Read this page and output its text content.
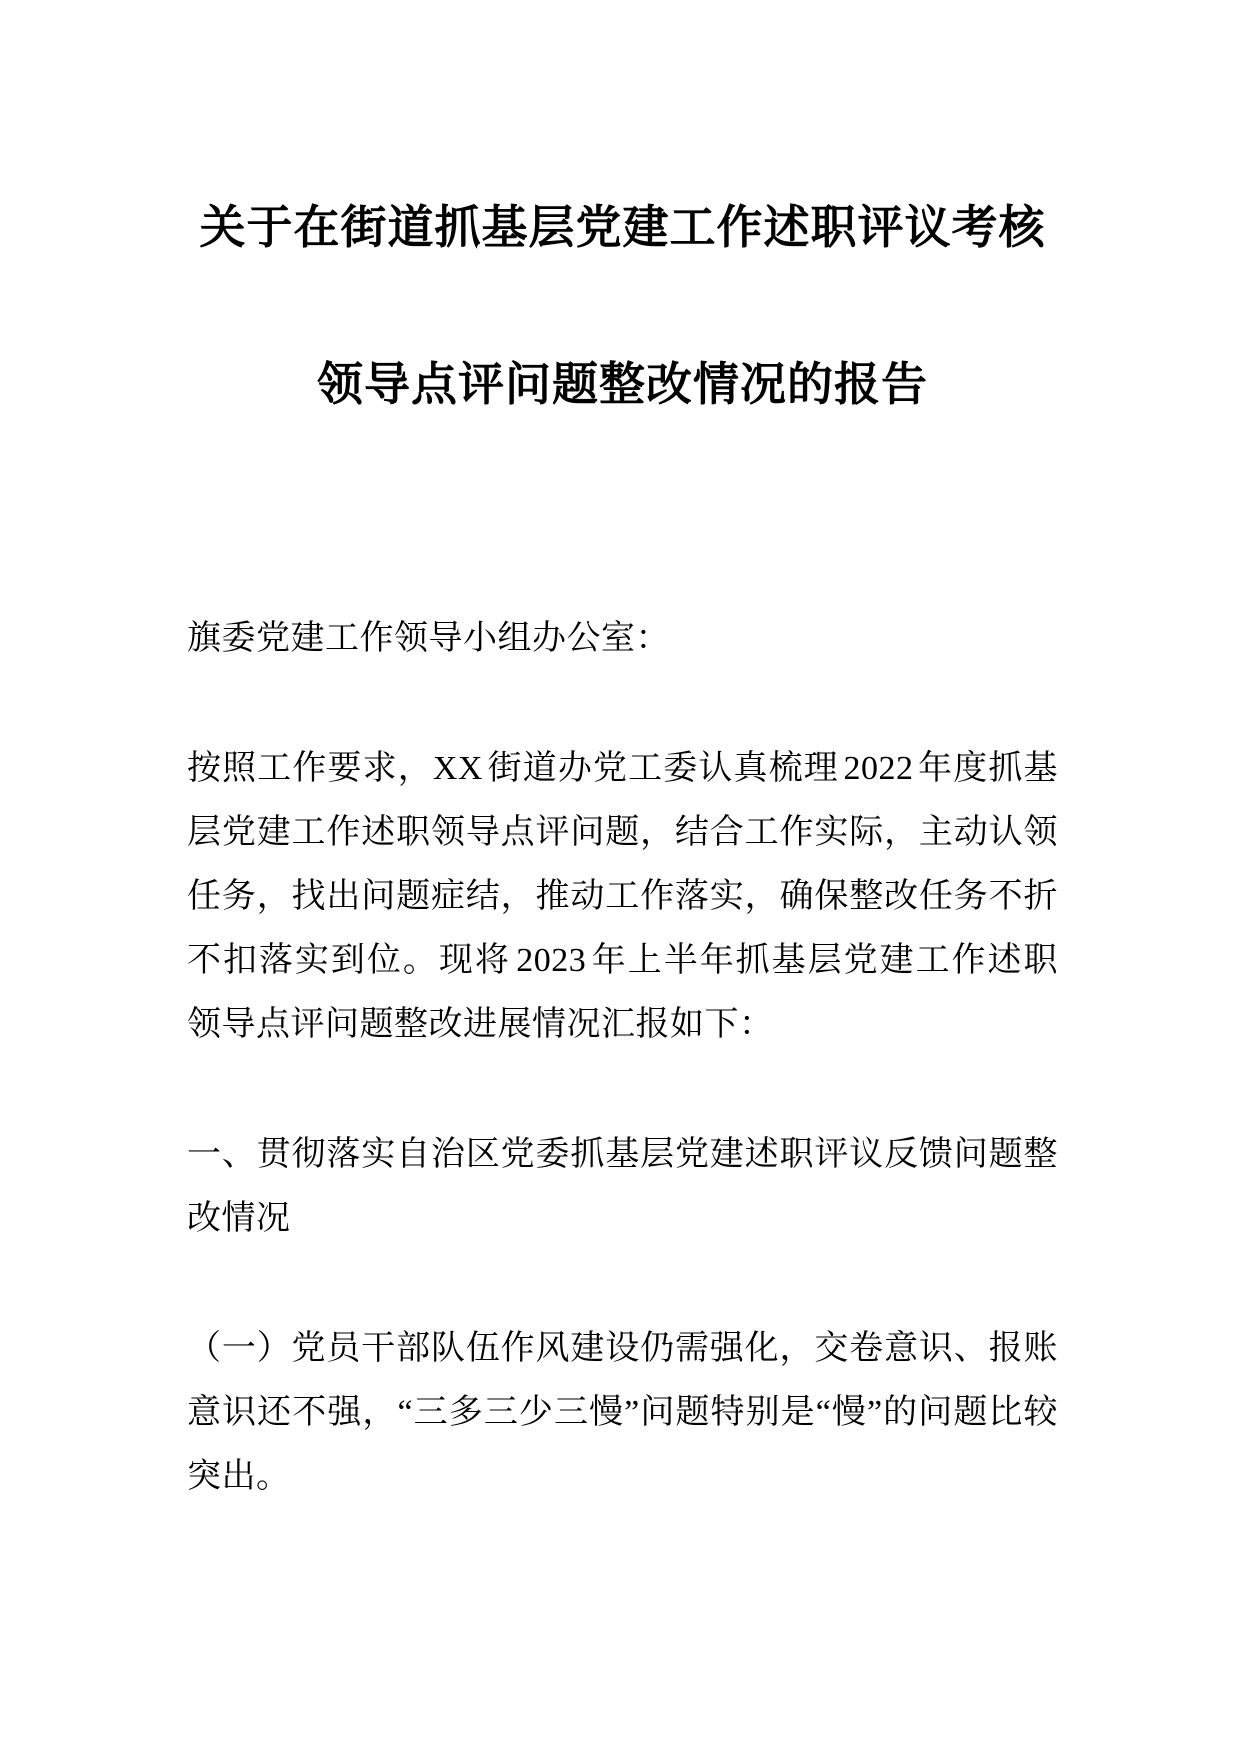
关于在街道抓基层党建工作述职评议考核
领导点评问题整改情况的报告

旗委党建工作领导小组办公室：

按照工作要求，XX 街道办党工委认真梳理 2022 年度抓基层党建工作述职领导点评问题，结合工作实际，主动认领任务，找出问题症结，推动工作落实，确保整改任务不折不扣落实到位。现将 2023 年上半年抓基层党建工作述职领导点评问题整改进展情况汇报如下：

一、贯彻落实自治区党委抓基层党建述职评议反馈问题整改情况

（一）党员干部队伍作风建设仍需强化，交卷意识、报账意识还不强，“三多三少三慢”问题特别是“慢”的问题比较突出。
